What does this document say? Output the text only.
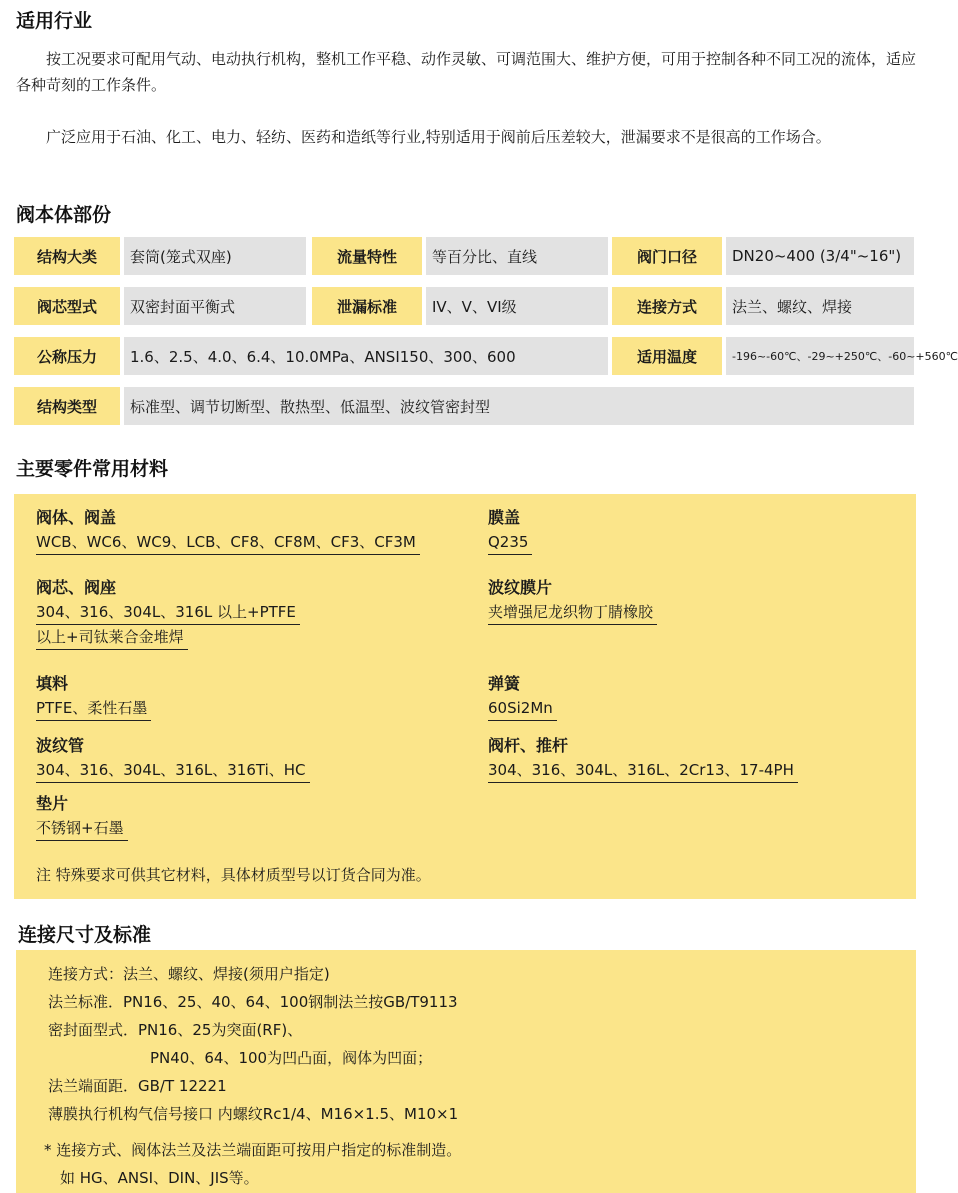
适用行业

按工况要求可配用气动、电动执行机构，整机工作平稳、动作灵敏、可调范围大、维护方便，可用于控制各种不同工况的流体，适应各种苛刻的工作条件。

广泛应用于石油、化工、电力、轻纺、医药和造纸等行业,特别适用于阀前后压差较大，泄漏要求不是很高的工作场合。

阀本体部份
结构大类	套筒(笼式双座)	流量特性	等百分比、直线	阀门口径	DN20~400 (3/4"~16")
阀芯型式	双密封面平衡式	泄漏标准	IV、V、VI级	连接方式	法兰、螺纹、焊接
公称压力	1.6、2.5、4.0、6.4、10.0MPa、ANSI150、300、600	适用温度	-196~-60℃、-29~+250℃、-60~+560℃
结构类型	标准型、调节切断型、散热型、低温型、波纹管密封型
主要零件常用材料
阀体、阀盖
WCB、WC6、WC9、LCB、CF8、CF8M、CF3、CF3M
膜盖
Q235
阀芯、阀座
304、316、304L、316L 以上+PTFE
以上+司钛莱合金堆焊
波纹膜片
夹增强尼龙织物丁腈橡胶
填料
PTFE、柔性石墨
弹簧
60Si2Mn
波纹管
304、316、304L、316L、316Ti、HC
阀杆、推杆
304、316、304L、316L、2Cr13、17-4PH
垫片
不锈钢+石墨
注 特殊要求可供其它材料，具体材质型号以订货合同为准。
连接尺寸及标准
连接方式：法兰、螺纹、焊接(须用户指定)
法兰标准．PN16、25、40、64、100钢制法兰按GB/T9113
密封面型式．PN16、25为突面(RF)、
PN40、64、100为凹凸面，阀体为凹面；
法兰端面距．GB/T 12221
薄膜执行机构气信号接口 内螺纹Rc1/4、M16×1.5、M10×1
* 连接方式、阀体法兰及法兰端面距可按用户指定的标准制造。
如 HG、ANSI、DIN、JIS等。
